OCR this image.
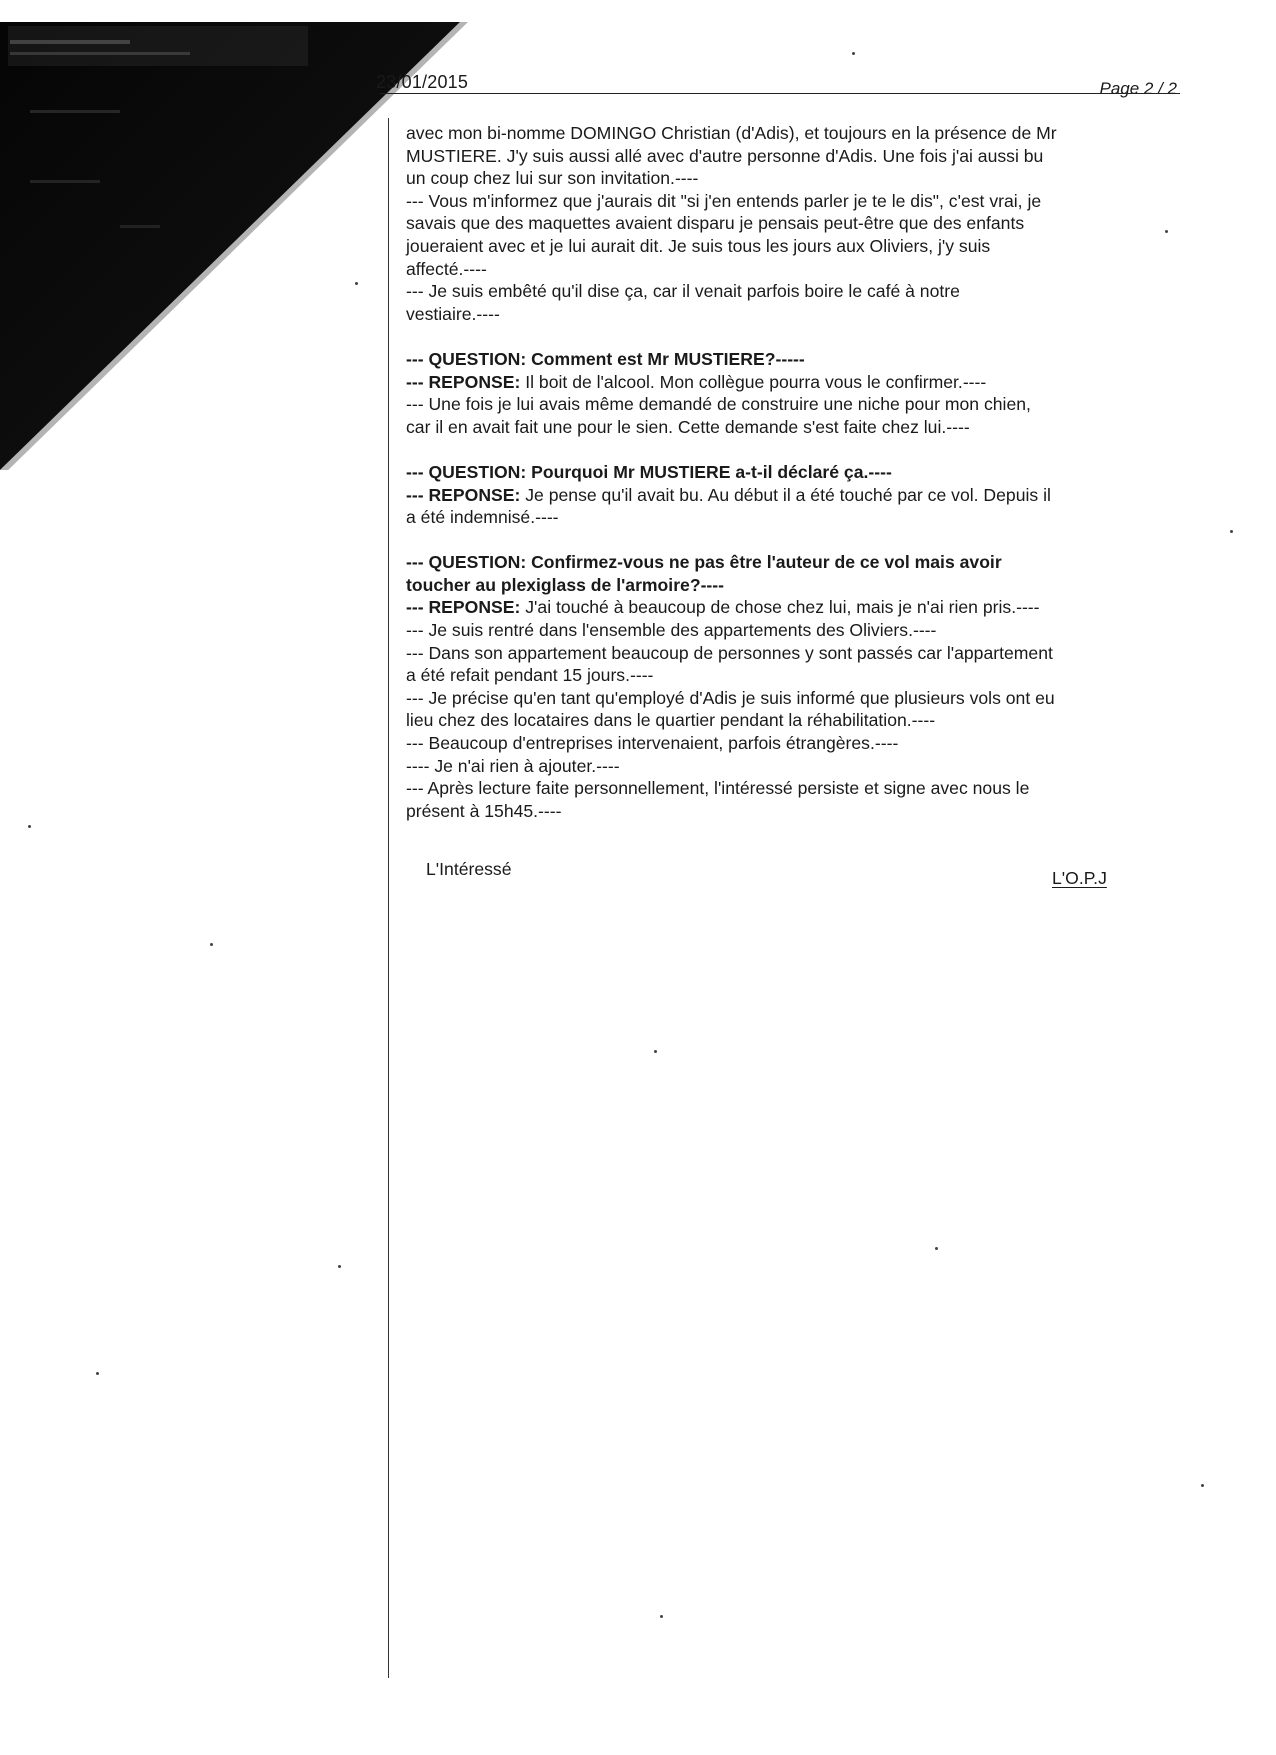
23/01/2015	Page 2 / 2

avec mon bi-nomme DOMINGO Christian (d'Adis), et toujours en la présence de Mr

MUSTIERE. J'y suis aussi allé avec d'autre personne d'Adis. Une fois j'ai aussi bu

un coup chez lui sur son invitation.----

--- Vous m'informez que j'aurais dit "si j'en entends parler je te le dis", c'est vrai, je

savais que des maquettes avaient disparu je pensais peut-être que des enfants

joueraient avec et je lui aurait dit. Je suis tous les jours aux Oliviers, j'y suis

affecté.----

--- Je suis embêté qu'il dise ça, car il venait parfois boire le café à notre

vestiaire.----

--- QUESTION: Comment est Mr MUSTIERE?-----

--- REPONSE: Il boit de l'alcool. Mon collègue pourra vous le confirmer.----

--- Une fois je lui avais même demandé de construire une niche pour mon chien,

car il en avait fait une pour le sien. Cette demande s'est faite chez lui.----

--- QUESTION: Pourquoi Mr MUSTIERE a-t-il déclaré ça.----

--- REPONSE: Je pense qu'il avait bu. Au début il a été touché par ce vol. Depuis il

a été indemnisé.----

--- QUESTION: Confirmez-vous ne pas être l'auteur de ce vol mais avoir

toucher au plexiglass de l'armoire?----

--- REPONSE: J'ai touché à beaucoup de chose chez lui, mais je n'ai rien pris.----

--- Je suis rentré dans l'ensemble des appartements des Oliviers.----

--- Dans son appartement beaucoup de personnes y sont passés car l'appartement

a été refait pendant 15 jours.----

--- Je précise qu'en tant qu'employé d'Adis je suis informé que plusieurs vols ont eu

lieu chez des locataires dans le quartier pendant la réhabilitation.----

--- Beaucoup d'entreprises intervenaient, parfois étrangères.----

---- Je n'ai rien à ajouter.----

--- Après lecture faite personnellement, l'intéressé persiste et signe avec nous le

présent à 15h45.----

L'Intéressé	L'O.P.J
